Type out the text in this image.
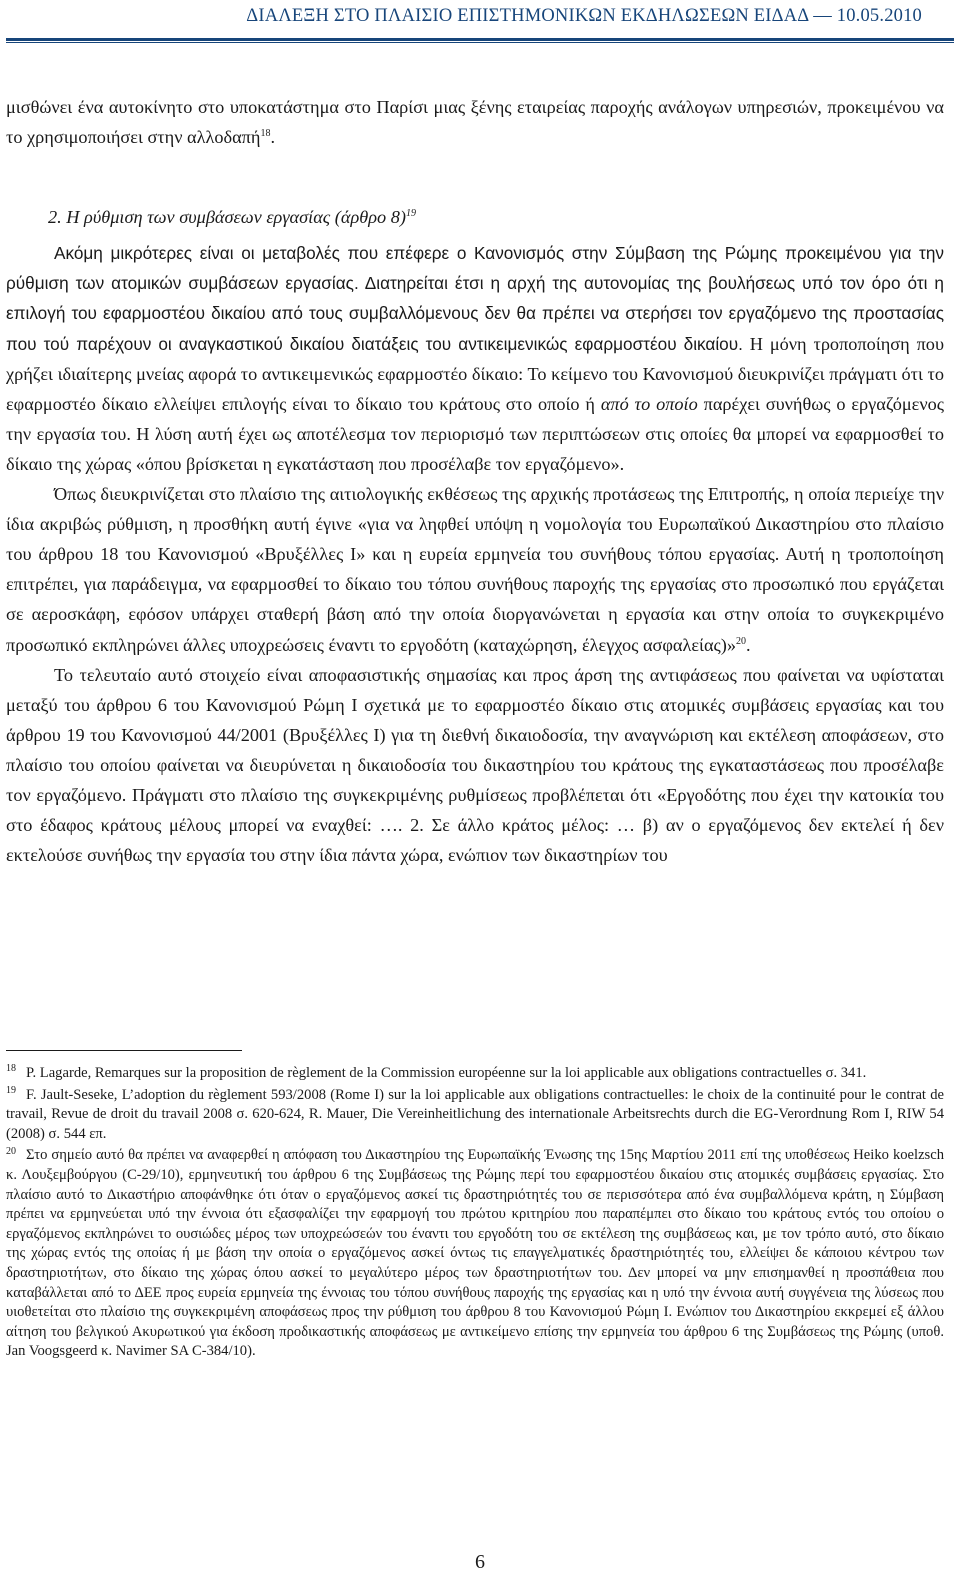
ΔΙΑΛΕΞΗ ΣΤΟ ΠΛΑΙΣΙΟ ΕΠΙΣΤΗΜΟΝΙΚΩΝ ΕΚΔΗΛΩΣΕΩΝ ΕΙΔΑΔ — 10.05.2010

μισθώνει ένα αυτοκίνητο στο υποκατάστημα στο Παρίσι μιας ξένης εταιρείας παροχής ανάλογων υπηρεσιών, προκειμένου να το χρησιμοποιήσει στην αλλοδαπή$^{18}$.

2. Η ρύθμιση των συμβάσεων εργασίας (άρθρο 8)$^{19}$

Ακόμη μικρότερες είναι οι μεταβολές που επέφερε ο Κανονισμός στην Σύμβαση της Ρώμης προκειμένου για την ρύθμιση των ατομικών συμβάσεων εργασίας. Διατηρείται έτσι η αρχή της αυτονομίας της βουλήσεως υπό τον όρο ότι η επιλογή του εφαρμοστέου δικαίου από τους συμβαλλόμενους δεν θα πρέπει να στερήσει τον εργαζόμενο της προστασίας που τού παρέχουν οι αναγκαστικού δικαίου διατάξεις του αντικειμενικώς εφαρμοστέου δικαίου. Η μόνη τροποποίηση που χρήζει ιδιαίτερης μνείας αφορά το αντικειμενικώς εφαρμοστέο δίκαιο: Το κείμενο του Κανονισμού διευκρινίζει πράγματι ότι το εφαρμοστέο δίκαιο ελλείψει επιλογής είναι το δίκαιο του κράτους στο οποίο ή από το οποίο παρέχει συνήθως ο εργαζόμενος την εργασία του. Η λύση αυτή έχει ως αποτέλεσμα τον περιορισμό των περιπτώσεων στις οποίες θα μπορεί να εφαρμοσθεί το δίκαιο της χώρας «όπου βρίσκεται η εγκατάσταση που προσέλαβε τον εργαζόμενο».

Όπως διευκρινίζεται στο πλαίσιο της αιτιολογικής εκθέσεως της αρχικής προτάσεως της Επιτροπής, η οποία περιείχε την ίδια ακριβώς ρύθμιση, η προσθήκη αυτή έγινε «για να ληφθεί υπόψη η νομολογία του Ευρωπαϊκού Δικαστηρίου στο πλαίσιο του άρθρου 18 του Κανονισμού «Βρυξέλλες Ι» και η ευρεία ερμηνεία του συνήθους τόπου εργασίας. Αυτή η τροποποίηση επιτρέπει, για παράδειγμα, να εφαρμοσθεί το δίκαιο του τόπου συνήθους παροχής της εργασίας στο προσωπικό που εργάζεται σε αεροσκάφη, εφόσον υπάρχει σταθερή βάση από την οποία διοργανώνεται η εργασία και στην οποία το συγκεκριμένο προσωπικό εκπληρώνει άλλες υποχρεώσεις έναντι το εργοδότη (καταχώρηση, έλεγχος ασφαλείας)»$^{20}$.

Το τελευταίο αυτό στοιχείο είναι αποφασιστικής σημασίας και προς άρση της αντιφάσεως που φαίνεται να υφίσταται μεταξύ του άρθρου 6 του Κανονισμού Ρώμη Ι σχετικά με το εφαρμοστέο δίκαιο στις ατομικές συμβάσεις εργασίας και του άρθρου 19 του Κανονισμού 44/2001 (Βρυξέλλες Ι) για τη διεθνή δικαιοδοσία, την αναγνώριση και εκτέλεση αποφάσεων, στο πλαίσιο του οποίου φαίνεται να διευρύνεται η δικαιοδοσία του δικαστηρίου του κράτους της εγκαταστάσεως που προσέλαβε τον εργαζόμενο. Πράγματι στο πλαίσιο της συγκεκριμένης ρυθμίσεως προβλέπεται ότι «Εργοδότης που έχει την κατοικία του στο έδαφος κράτους μέλους μπορεί να εναχθεί: …. 2. Σε άλλο κράτος μέλος: … β) αν ο εργαζόμενος δεν εκτελεί ή δεν εκτελούσε συνήθως την εργασία του στην ίδια πάντα χώρα, ενώπιον των δικαστηρίων του

$^{18}$ P. Lagarde, Remarques sur la proposition de règlement de la Commission européenne sur la loi applicable aux obligations contractuelles σ. 341.

$^{19}$ F. Jault-Seseke, L’adoption du règlement 593/2008 (Rome I) sur la loi applicable aux obligations contractuelles: le choix de la continuité pour le contrat de travail, Revue de droit du travail 2008 σ. 620-624, R. Mauer, Die Vereinheitlichung des internationale Arbeitsrechts durch die EG-Verordnung Rom I, RIW 54 (2008) σ. 544 επ.

$^{20}$ Στο σημείο αυτό θα πρέπει να αναφερθεί η απόφαση του Δικαστηρίου της Ευρωπαϊκής Ένωσης της 15ης Μαρτίου 2011 επί της υποθέσεως Heiko koelzsch κ. Λουξεμβούργου (C-29/10), ερμηνευτική του άρθρου 6 της Συμβάσεως της Ρώμης περί του εφαρμοστέου δικαίου στις ατομικές συμβάσεις εργασίας. Στο πλαίσιο αυτό το Δικαστήριο αποφάνθηκε ότι όταν ο εργαζόμενος ασκεί τις δραστηριότητές του σε περισσότερα από ένα συμβαλλόμενα κράτη, η Σύμβαση πρέπει να ερμηνεύεται υπό την έννοια ότι εξασφαλίζει την εφαρμογή του πρώτου κριτηρίου που παραπέμπει στο δίκαιο του κράτους εντός του οποίου ο εργαζόμενος εκπληρώνει το ουσιώδες μέρος των υποχρεώσεών του έναντι του εργοδότη του σε εκτέλεση της συμβάσεως και, με τον τρόπο αυτό, στο δίκαιο της χώρας εντός της οποίας ή με βάση την οποία ο εργαζόμενος ασκεί όντως τις επαγγελματικές δραστηριότητές του, ελλείψει δε κάποιου κέντρου των δραστηριοτήτων, στο δίκαιο της χώρας όπου ασκεί το μεγαλύτερο μέρος των δραστηριοτήτων του. Δεν μπορεί να μην επισημανθεί η προσπάθεια που καταβάλλεται από το ΔΕΕ προς ευρεία ερμηνεία της έννοιας του τόπου συνήθους παροχής της εργασίας και η υπό την έννοια αυτή συγγένεια της λύσεως που υιοθετείται στο πλαίσιο της συγκεκριμένη αποφάσεως προς την ρύθμιση του άρθρου 8 του Κανονισμού Ρώμη Ι. Ενώπιον του Δικαστηρίου εκκρεμεί εξ άλλου αίτηση του βελγικού Ακυρωτικού για έκδοση προδικαστικής αποφάσεως με αντικείμενο επίσης την ερμηνεία του άρθρου 6 της Συμβάσεως της Ρώμης (υποθ. Jan Voogsgeerd κ. Navimer SA C-384/10).

6
